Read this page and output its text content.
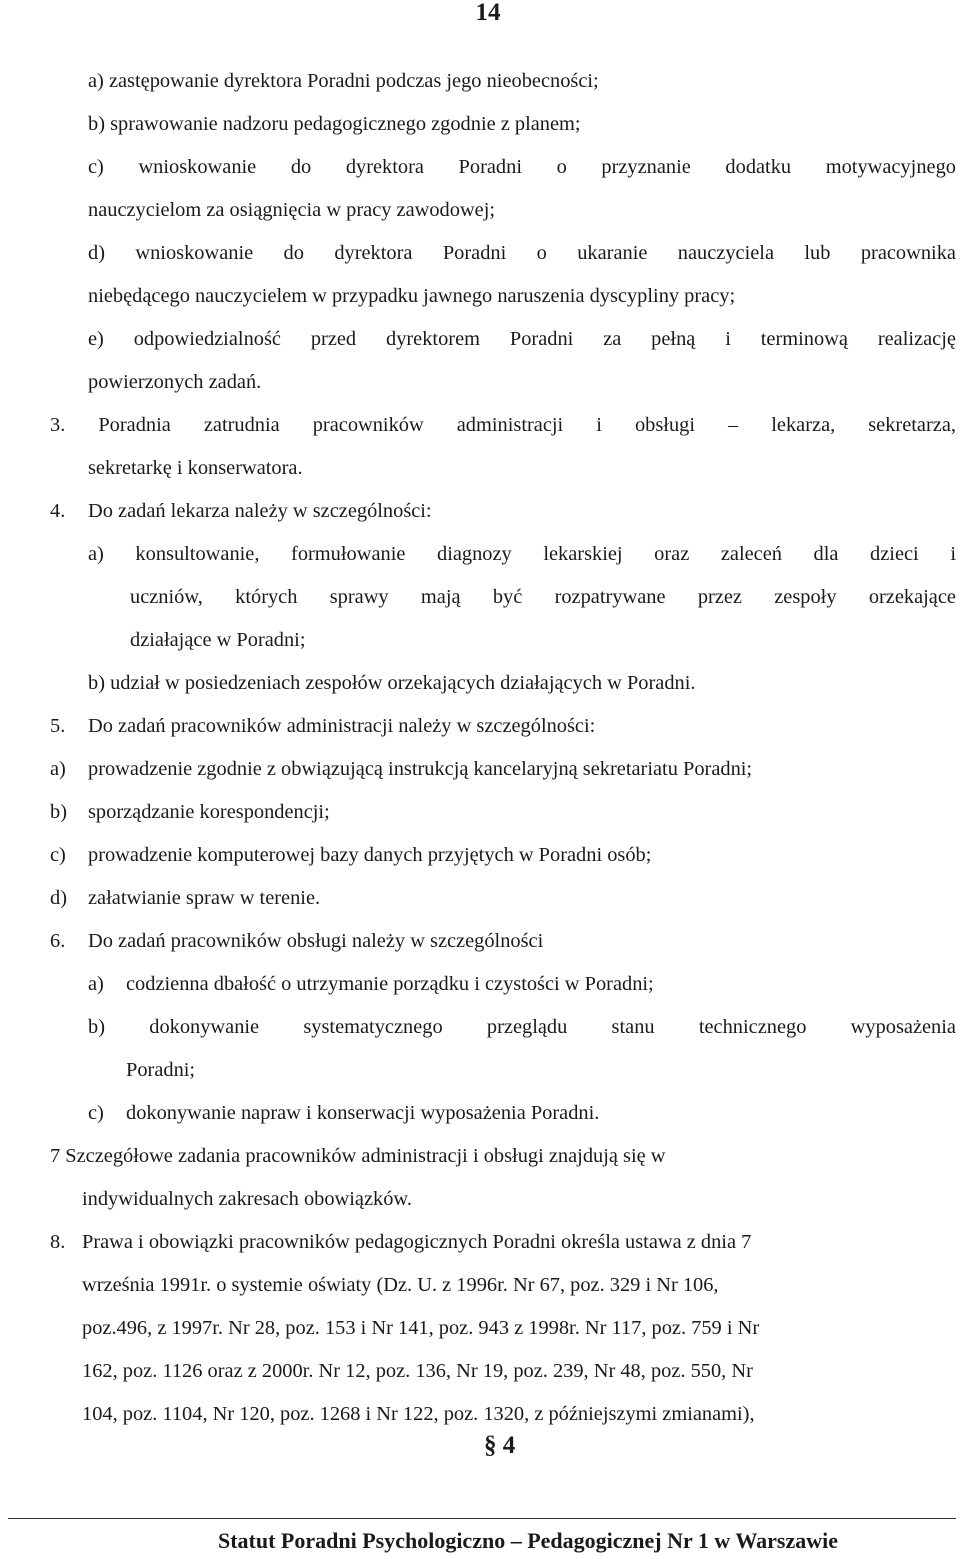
14
a) zastępowanie dyrektora Poradni podczas jego nieobecności;
b) sprawowanie nadzoru pedagogicznego zgodnie z planem;
c) wnioskowanie do dyrektora Poradni o przyznanie dodatku motywacyjnego
nauczycielom za osiągnięcia w pracy zawodowej;
d) wnioskowanie do dyrektora Poradni o ukaranie nauczyciela lub pracownika
niebędącego nauczycielem w przypadku jawnego naruszenia dyscypliny pracy;
e) odpowiedzialność przed dyrektorem Poradni za pełną i terminową realizację
powierzonych zadań.
3. Poradnia zatrudnia pracowników administracji i obsługi – lekarza, sekretarza,
sekretarkę i konserwatora.
4. Do zadań lekarza należy w szczególności:
a) konsultowanie, formułowanie diagnozy lekarskiej oraz zaleceń dla dzieci i
uczniów, których sprawy mają być rozpatrywane przez zespoły orzekające
działające w Poradni;
b) udział w posiedzeniach zespołów orzekających działających w Poradni.
5. Do zadań pracowników administracji należy w szczególności:
a) prowadzenie zgodnie z obwiązującą instrukcją kancelaryjną sekretariatu Poradni;
b) sporządzanie korespondencji;
c) prowadzenie komputerowej bazy danych przyjętych w Poradni osób;
d) załatwianie spraw w terenie.
6. Do zadań pracowników obsługi należy w szczególności
a) codzienna dbałość o utrzymanie porządku i czystości w Poradni;
b) dokonywanie systematycznego przeglądu stanu technicznego wyposażenia
Poradni;
c) dokonywanie napraw i konserwacji wyposażenia Poradni.
7 Szczegółowe zadania pracowników administracji i obsługi znajdują się w
indywidualnych zakresach obowiązków.
8. Prawa i obowiązki pracowników pedagogicznych Poradni określa ustawa z dnia 7
września 1991r. o systemie oświaty (Dz. U. z 1996r. Nr 67, poz. 329 i Nr 106,
poz.496, z 1997r. Nr 28, poz. 153 i Nr 141, poz. 943 z 1998r. Nr 117, poz. 759 i Nr
162, poz. 1126 oraz z 2000r. Nr 12, poz. 136, Nr 19, poz. 239, Nr 48, poz. 550, Nr
104, poz. 1104, Nr 120, poz. 1268 i Nr 122, poz. 1320, z późniejszymi zmianami),
§ 4
Statut Poradni Psychologiczno – Pedagogicznej Nr 1 w Warszawie
